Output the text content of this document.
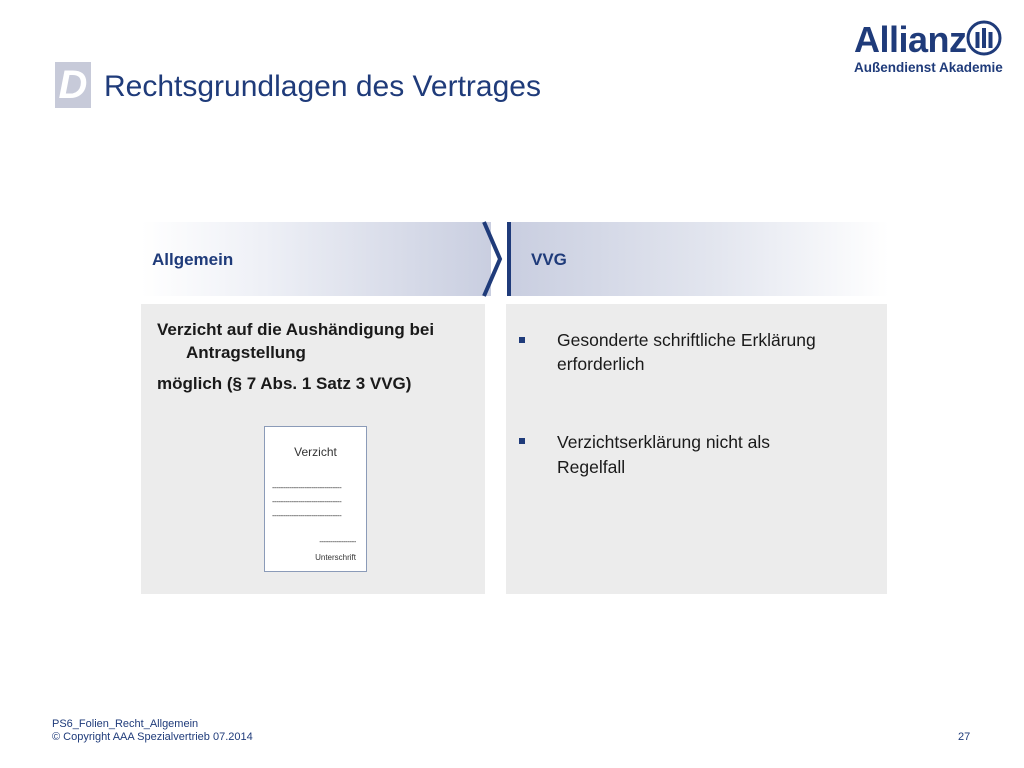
D Rechtsgrundlagen des Vertrages
Allianz
Außendienst Akademie
Allgemein	VVG
Verzicht auf die Aushändigung bei
Antragstellung
möglich (§ 7 Abs. 1 Satz 3 VVG)
Verzicht
--------------------------------
--------------------------------
--------------------------------
-----------------
Unterschrift
Gesonderte schriftliche Erklärung
erforderlich
Verzichtserklärung nicht als
Regelfall
PS6_Folien_Recht_Allgemein
© Copyright AAA Spezialvertrieb 07.2014	27
